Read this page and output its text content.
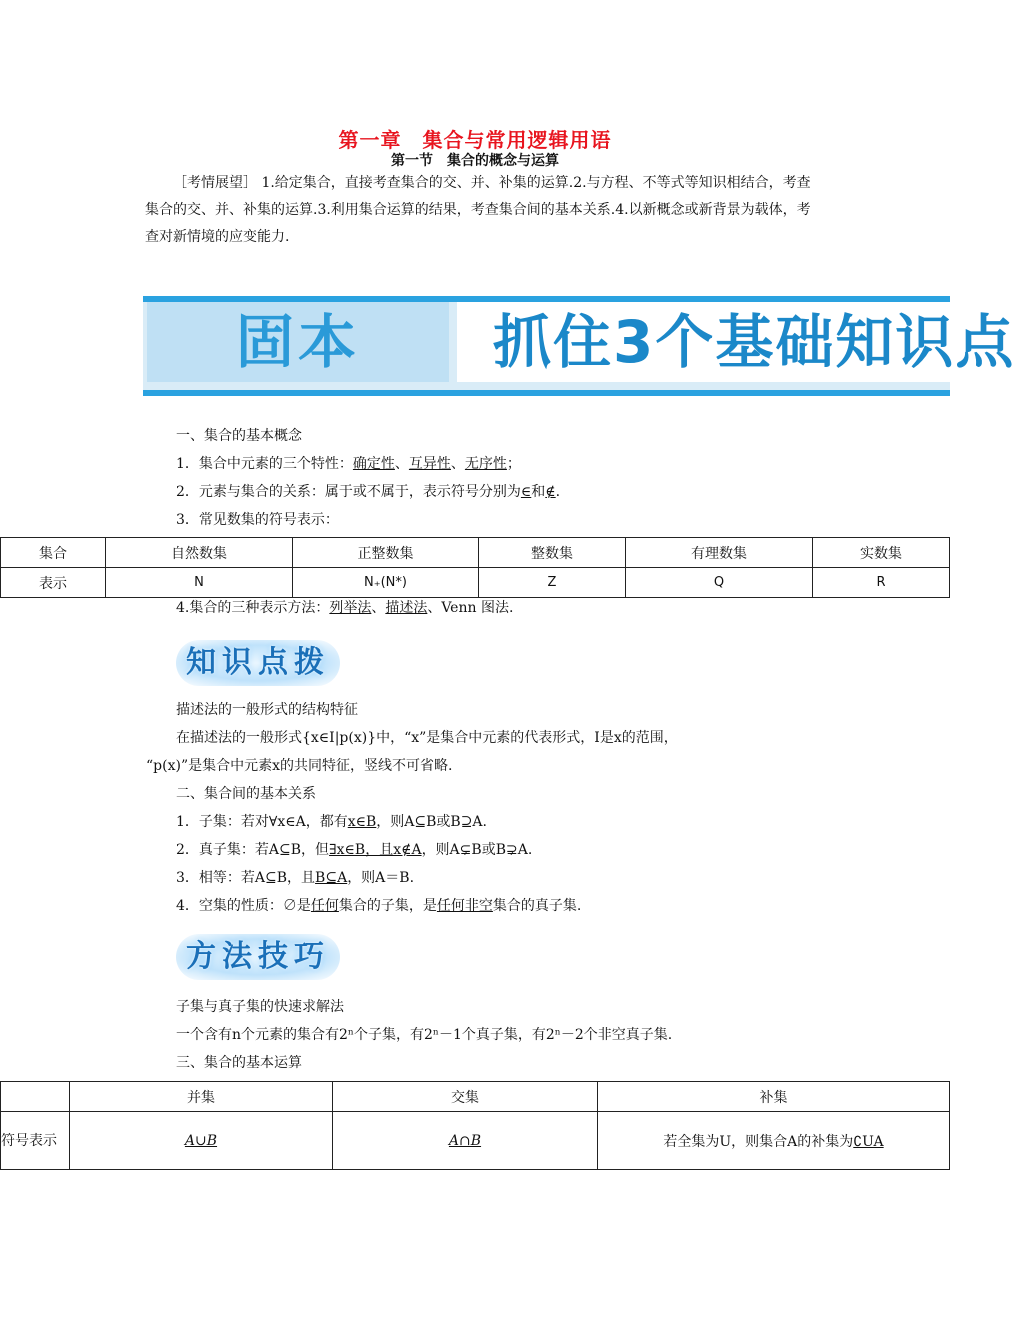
第一章　集合与常用逻辑用语
第一节　集合的概念与运算
［考情展望］ 1.给定集合，直接考查集合的交、并、补集的运算.2.与方程、不等式等知识相结合，考查集合的交、并、补集的运算.3.利用集合运算的结果，考查集合间的基本关系.4.以新概念或新背景为载体，考查对新情境的应变能力.
固本	抓住3个基础知识点
一、集合的基本概念
1．集合中元素的三个特性：确定性、互异性、无序性；
2．元素与集合的关系：属于或不属于，表示符号分别为∈和∉.
3．常见数集的符号表示：
集合	自然数集	正整数集	整数集	有理数集	实数集
表示	N	N₊(N*)	Z	Q	R
4.集合的三种表示方法：列举法、描述法、Venn 图法.
知识点拨
描述法的一般形式的结构特征
在描述法的一般形式{x∈I|p(x)}中，“x”是集合中元素的代表形式，I是x的范围，
“p(x)”是集合中元素x的共同特征，竖线不可省略.
二、集合间的基本关系
1．子集：若对∀x∈A，都有x∈B，则A⊆B或B⊇A.
2．真子集：若A⊆B，但∃x∈B，且x∉A，则A⊊B或B⊋A.
3．相等：若A⊆B，且B⊆A，则A＝B.
4．空集的性质：∅是任何集合的子集，是任何非空集合的真子集.
方法技巧
子集与真子集的快速求解法
一个含有n个元素的集合有2ⁿ个子集，有2ⁿ－1个真子集，有2ⁿ－2个非空真子集.
三、集合的基本运算
	并集	交集	补集
符号表示	A∪B	A∩B	若全集为U，则集合A的补集为∁UA
